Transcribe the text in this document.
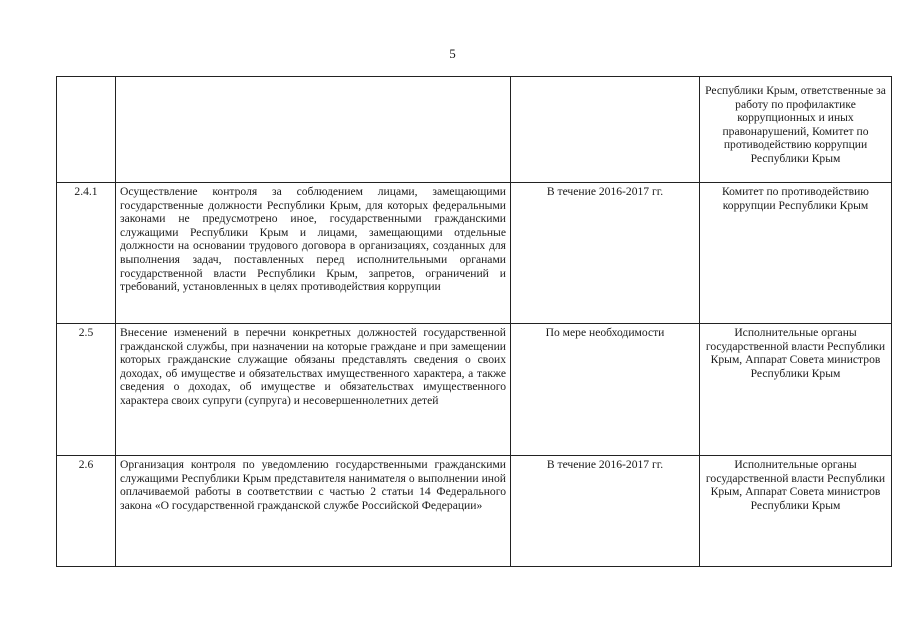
5
			Республики Крым, ответственные за работу по профилактике коррупционных и иных правонарушений, Комитет по противодействию коррупции Республики Крым
2.4.1	Осуществление контроля за соблюдением лицами, замещающими государственные должности Республики Крым, для которых федеральными законами не предусмотрено иное, государственными гражданскими служащими Республики Крым и лицами, замещающими отдельные должности на основании трудового договора в организациях, созданных для выполнения задач, поставленных перед исполнительными органами государственной власти Республики Крым, запретов, ограничений и требований, установленных в целях противодействия коррупции	В течение 2016-2017 гг.	Комитет по противодействию коррупции Республики Крым
2.5	Внесение изменений в перечни конкретных должностей государственной гражданской службы, при назначении на которые граждане и при замещении которых гражданские служащие обязаны представлять сведения о своих доходах, об имуществе и обязательствах имущественного характера, а также сведения о доходах, об имуществе и обязательствах имущественного характера своих супруги (супруга) и несовершеннолетних детей	По мере необходимости	Исполнительные органы государственной власти Республики Крым, Аппарат Совета министров Республики Крым
2.6	Организация контроля по уведомлению государственными гражданскими служащими Республики Крым представителя нанимателя о выполнении иной оплачиваемой работы в соответствии с частью 2 статьи 14 Федерального закона «О государственной гражданской службе Российской Федерации»	В течение 2016-2017 гг.	Исполнительные органы государственной власти Республики Крым, Аппарат Совета министров Республики Крым
